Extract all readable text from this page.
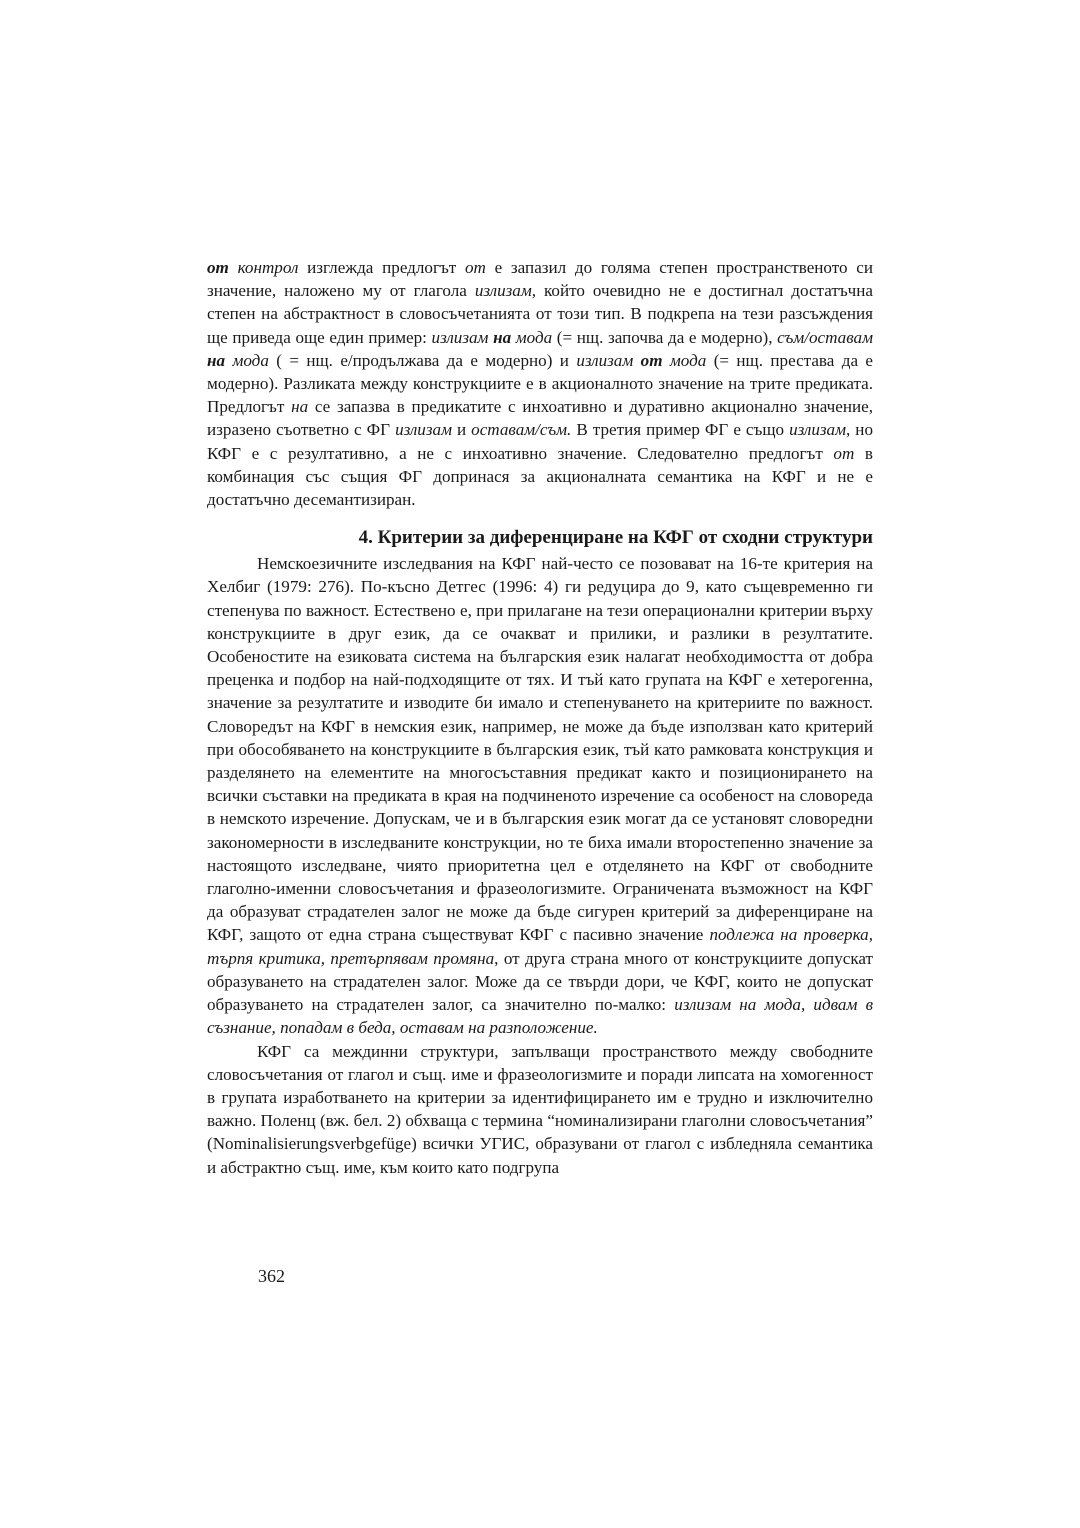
от контрол изглежда предлогът от е запазил до голяма степен пространственото си значение, наложено му от глагола излизам, който очевидно не е достигнал достатъчна степен на абстрактност в словосъчетанията от този тип. В подкрепа на тези разсъждения ще приведа още един пример: излизам на мода (= нщ. започва да е модерно), съм/оставам на мода ( = нщ. е/продължава да е модерно) и излизам от мода (= нщ. престава да е модерно). Разликата между конструкциите е в акционалното значение на трите предиката. Предлогът на се запазва в предикатите с инхоативно и дуративно акционално значение, изразено съответно с ФГ излизам и оставам/съм. В третия пример ФГ е също излизам, но КФГ е с резултативно, а не с инхоативно значение. Следователно предлогът от в комбинация със същия ФГ допринася за акционалната семантика на КФГ и не е достатъчно десемантизиран.

4. Критерии за диференциране на КФГ от сходни структури

Немскоезичните изследвания на КФГ най-често се позовават на 16-те критерия на Хелбиг (1979: 276). По-късно Детгес (1996: 4) ги редуцира до 9, като същевременно ги степенува по важност. Естествено е, при прилагане на тези операционални критерии върху конструкциите в друг език, да се очакват и прилики, и разлики в резултатите. Особеностите на езиковата система на българския език налагат необходимостта от добра преценка и подбор на най-подходящите от тях. И тъй като групата на КФГ е хетерогенна, значение за резултатите и изводите би имало и степенуването на критериите по важност. Словоредът на КФГ в немския език, например, не може да бъде използван като критерий при обособяването на конструкциите в българския език, тъй като рамковата конструкция и разделянето на елементите на многосъставния предикат както и позиционирането на всички съставки на предиката в края на подчиненото изречение са особеност на словореда в немското изречение. Допускам, че и в българския език могат да се установят словоредни закономерности в изследваните конструкции, но те биха имали второстепенно значение за настоящото изследване, чиято приоритетна цел е отделянето на КФГ от свободните глаголно-именни словосъчетания и фразеологизмите. Ограничената възможност на КФГ да образуват страдателен залог не може да бъде сигурен критерий за диференциране на КФГ, защото от една страна съществуват КФГ с пасивно значение подлежа на проверка, търпя критика, претърпявам промяна, от друга страна много от конструкциите допускат образуването на страдателен залог. Може да се твърди дори, че КФГ, които не допускат образуването на страдателен залог, са значително по-малко: излизам на мода, идвам в съзнание, попадам в беда, оставам на разположение.

КФГ са междинни структури, запълващи пространството между свободните словосъчетания от глагол и същ. име и фразеологизмите и поради липсата на хомогенност в групата изработването на критерии за идентифицирането им е трудно и изключително важно. Поленц (вж. бел. 2) обхваща с термина “номинализирани глаголни словосъчетания” (Nominalisierungsverbgefüge) всички УГИС, образувани от глагол с избледняла семантика и абстрактно същ. име, към които като подгрупа

362
